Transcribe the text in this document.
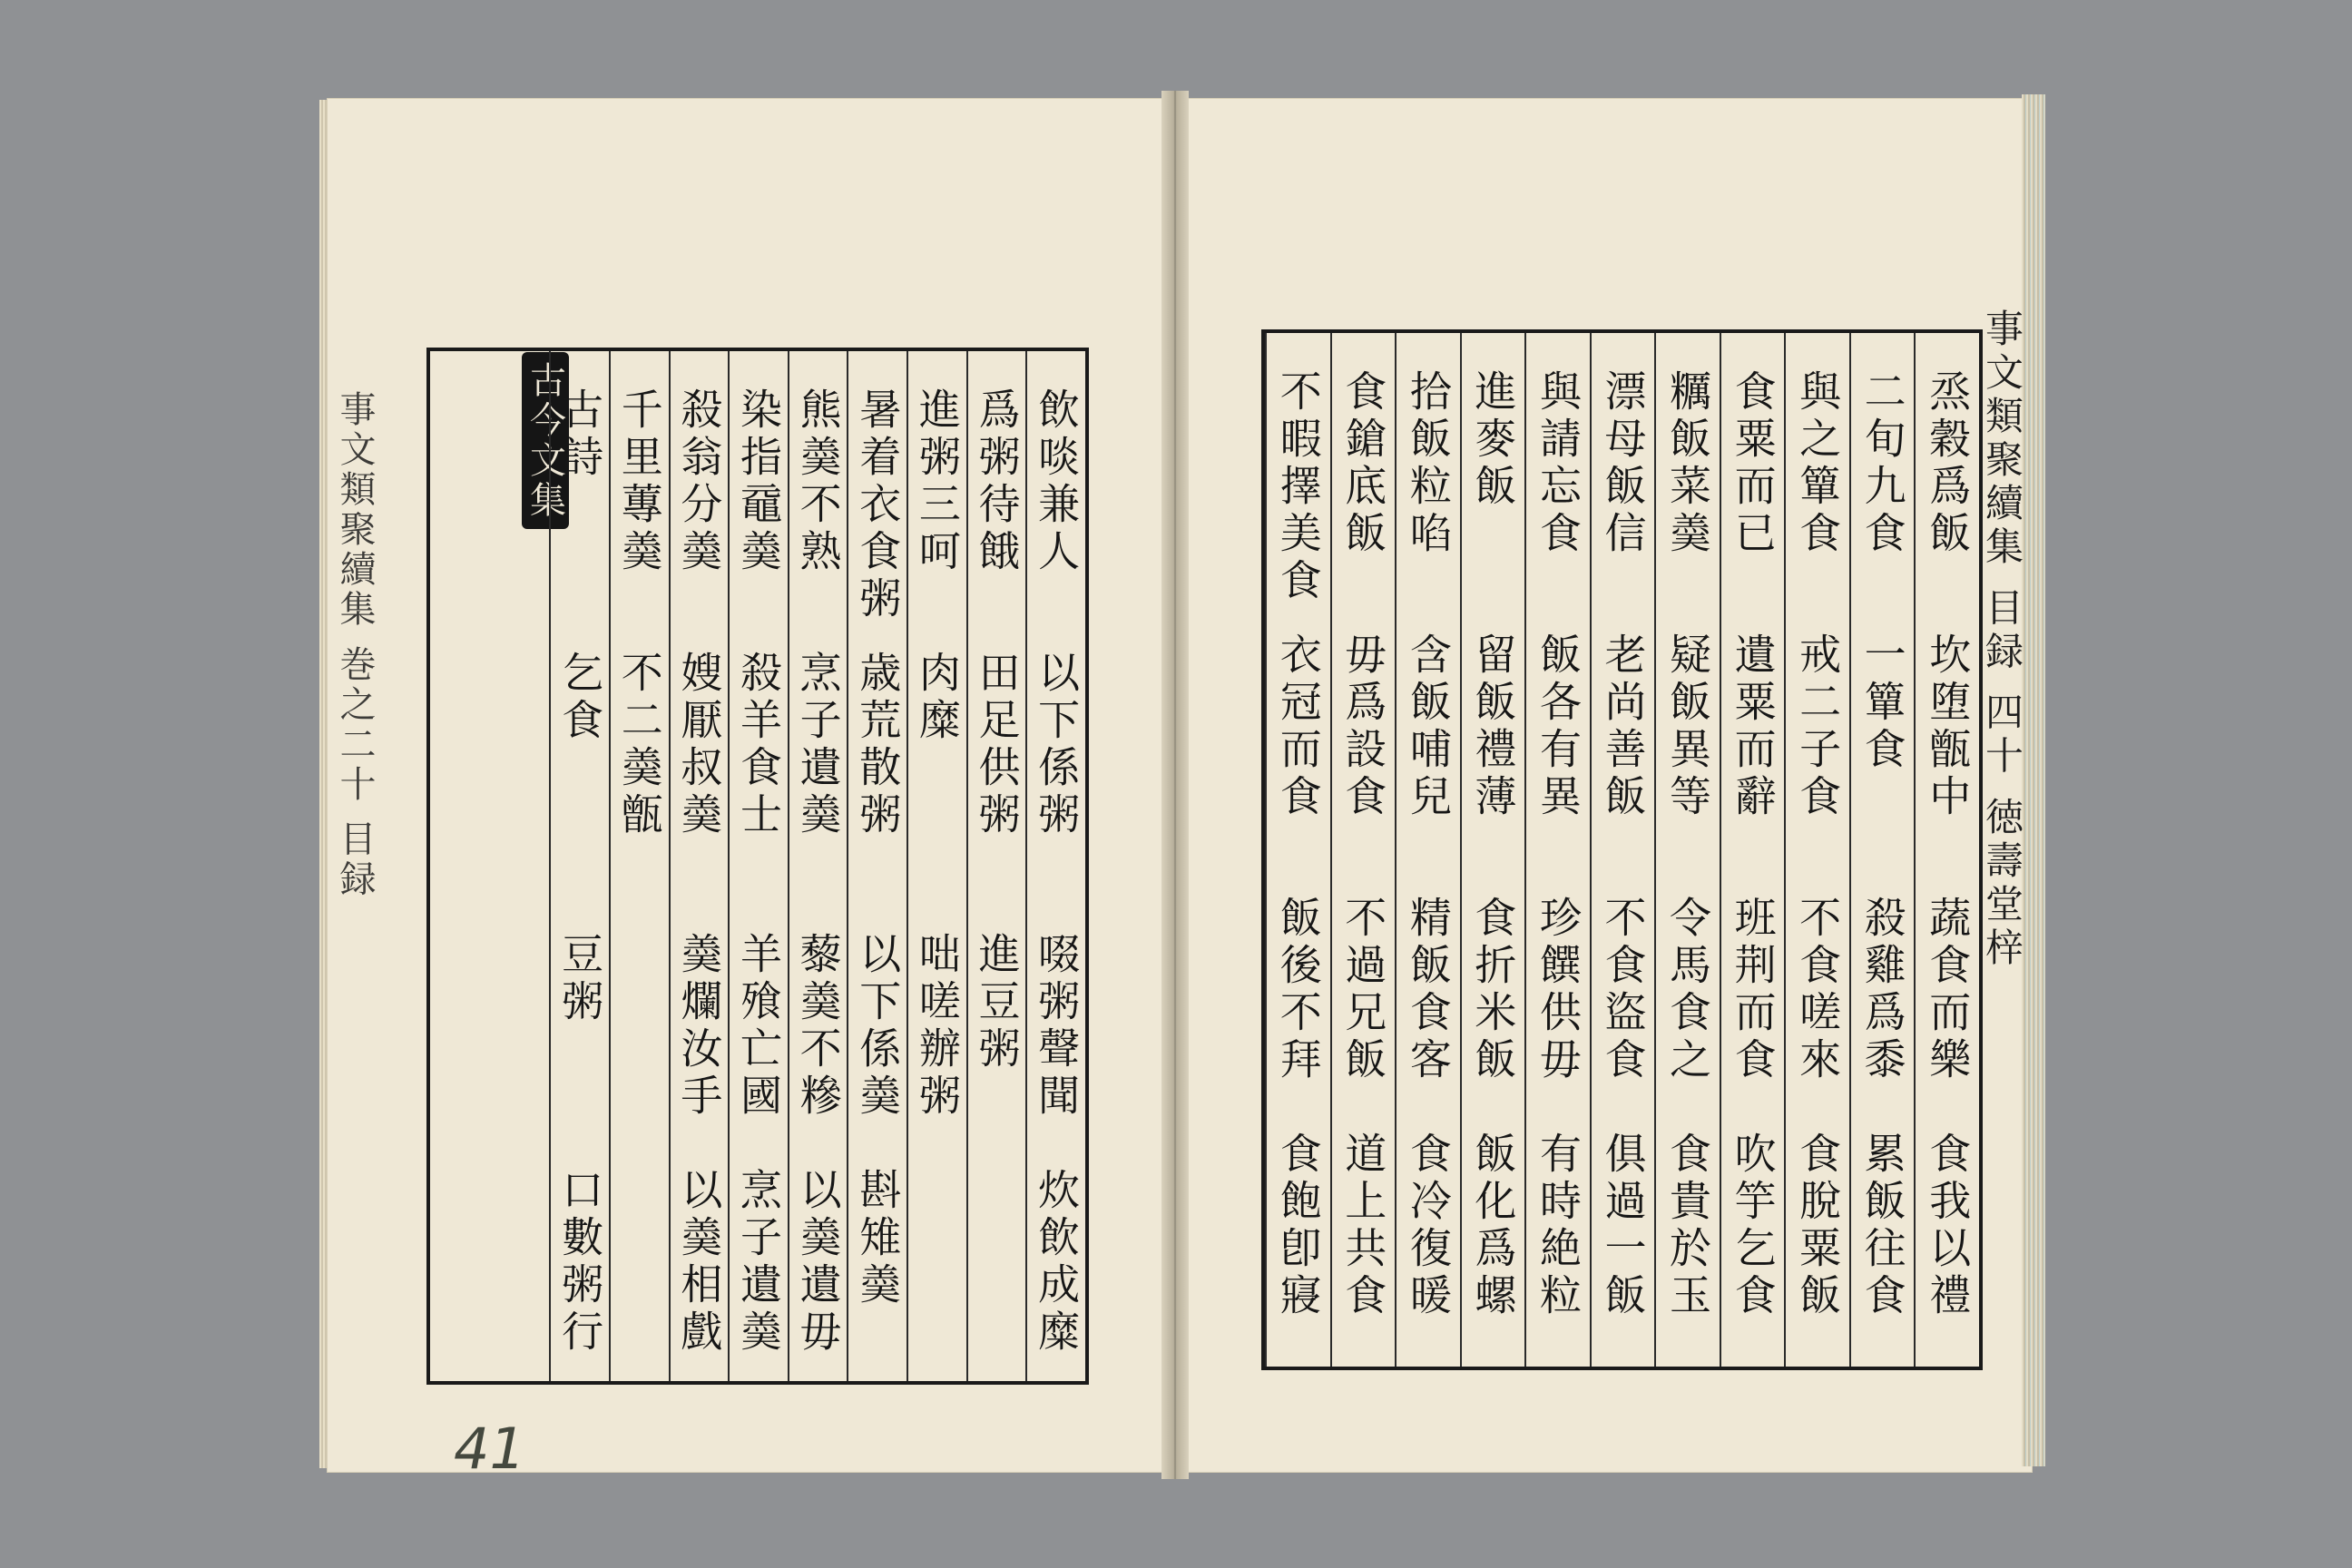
事文類聚續集 巻之二十 目録	古今文集	飲啖兼人
以下係粥
啜粥聲聞
炊飲成糜
爲粥待餓
田足供粥
進豆粥
進粥三呵
肉糜
咄嗟辦粥
暑着衣食粥
歳荒散粥
以下係羮
斟雉羮
熊羮不熟
烹子遺羮
藜羮不糝
以羮遺毋
染指黿羮
殺羊食士
羊飱亡國
烹子遺羮
殺翁分羮
嫂厭叔羮
羮爛汝手
以羮相戲
千里蓴羮
不二羮甑
古詩
乞食
豆粥
口數粥行
烝穀爲飯
坎堕甑中
蔬食而樂
食我以禮
二旬九食
一簞食
殺雞爲黍
累飯往食
與之簞食
戒二子食
不食嗟來
食脫粟飯
食粟而已
遺粟而辭
班荆而食
吹竽乞食
糲飯菜羮
疑飯異等
令馬食之
食貴於玉
漂母飯信
老尚善飯
不食盜食
俱過一飯
與請忘食
飯各有異
珍饌供毋
有時絶粒
進麥飯
留飯禮薄
食折米飯
飯化爲螺
拾飯粒啗
含飯哺兒
精飯食客
食冷復暖
食鎗底飯
毋爲設食
不過兄飯
道上共食
不暇擇美食
衣冠而食
飯後不拜
食飽卽寢
事文類聚續集 目録 四十 徳壽堂梓
41
